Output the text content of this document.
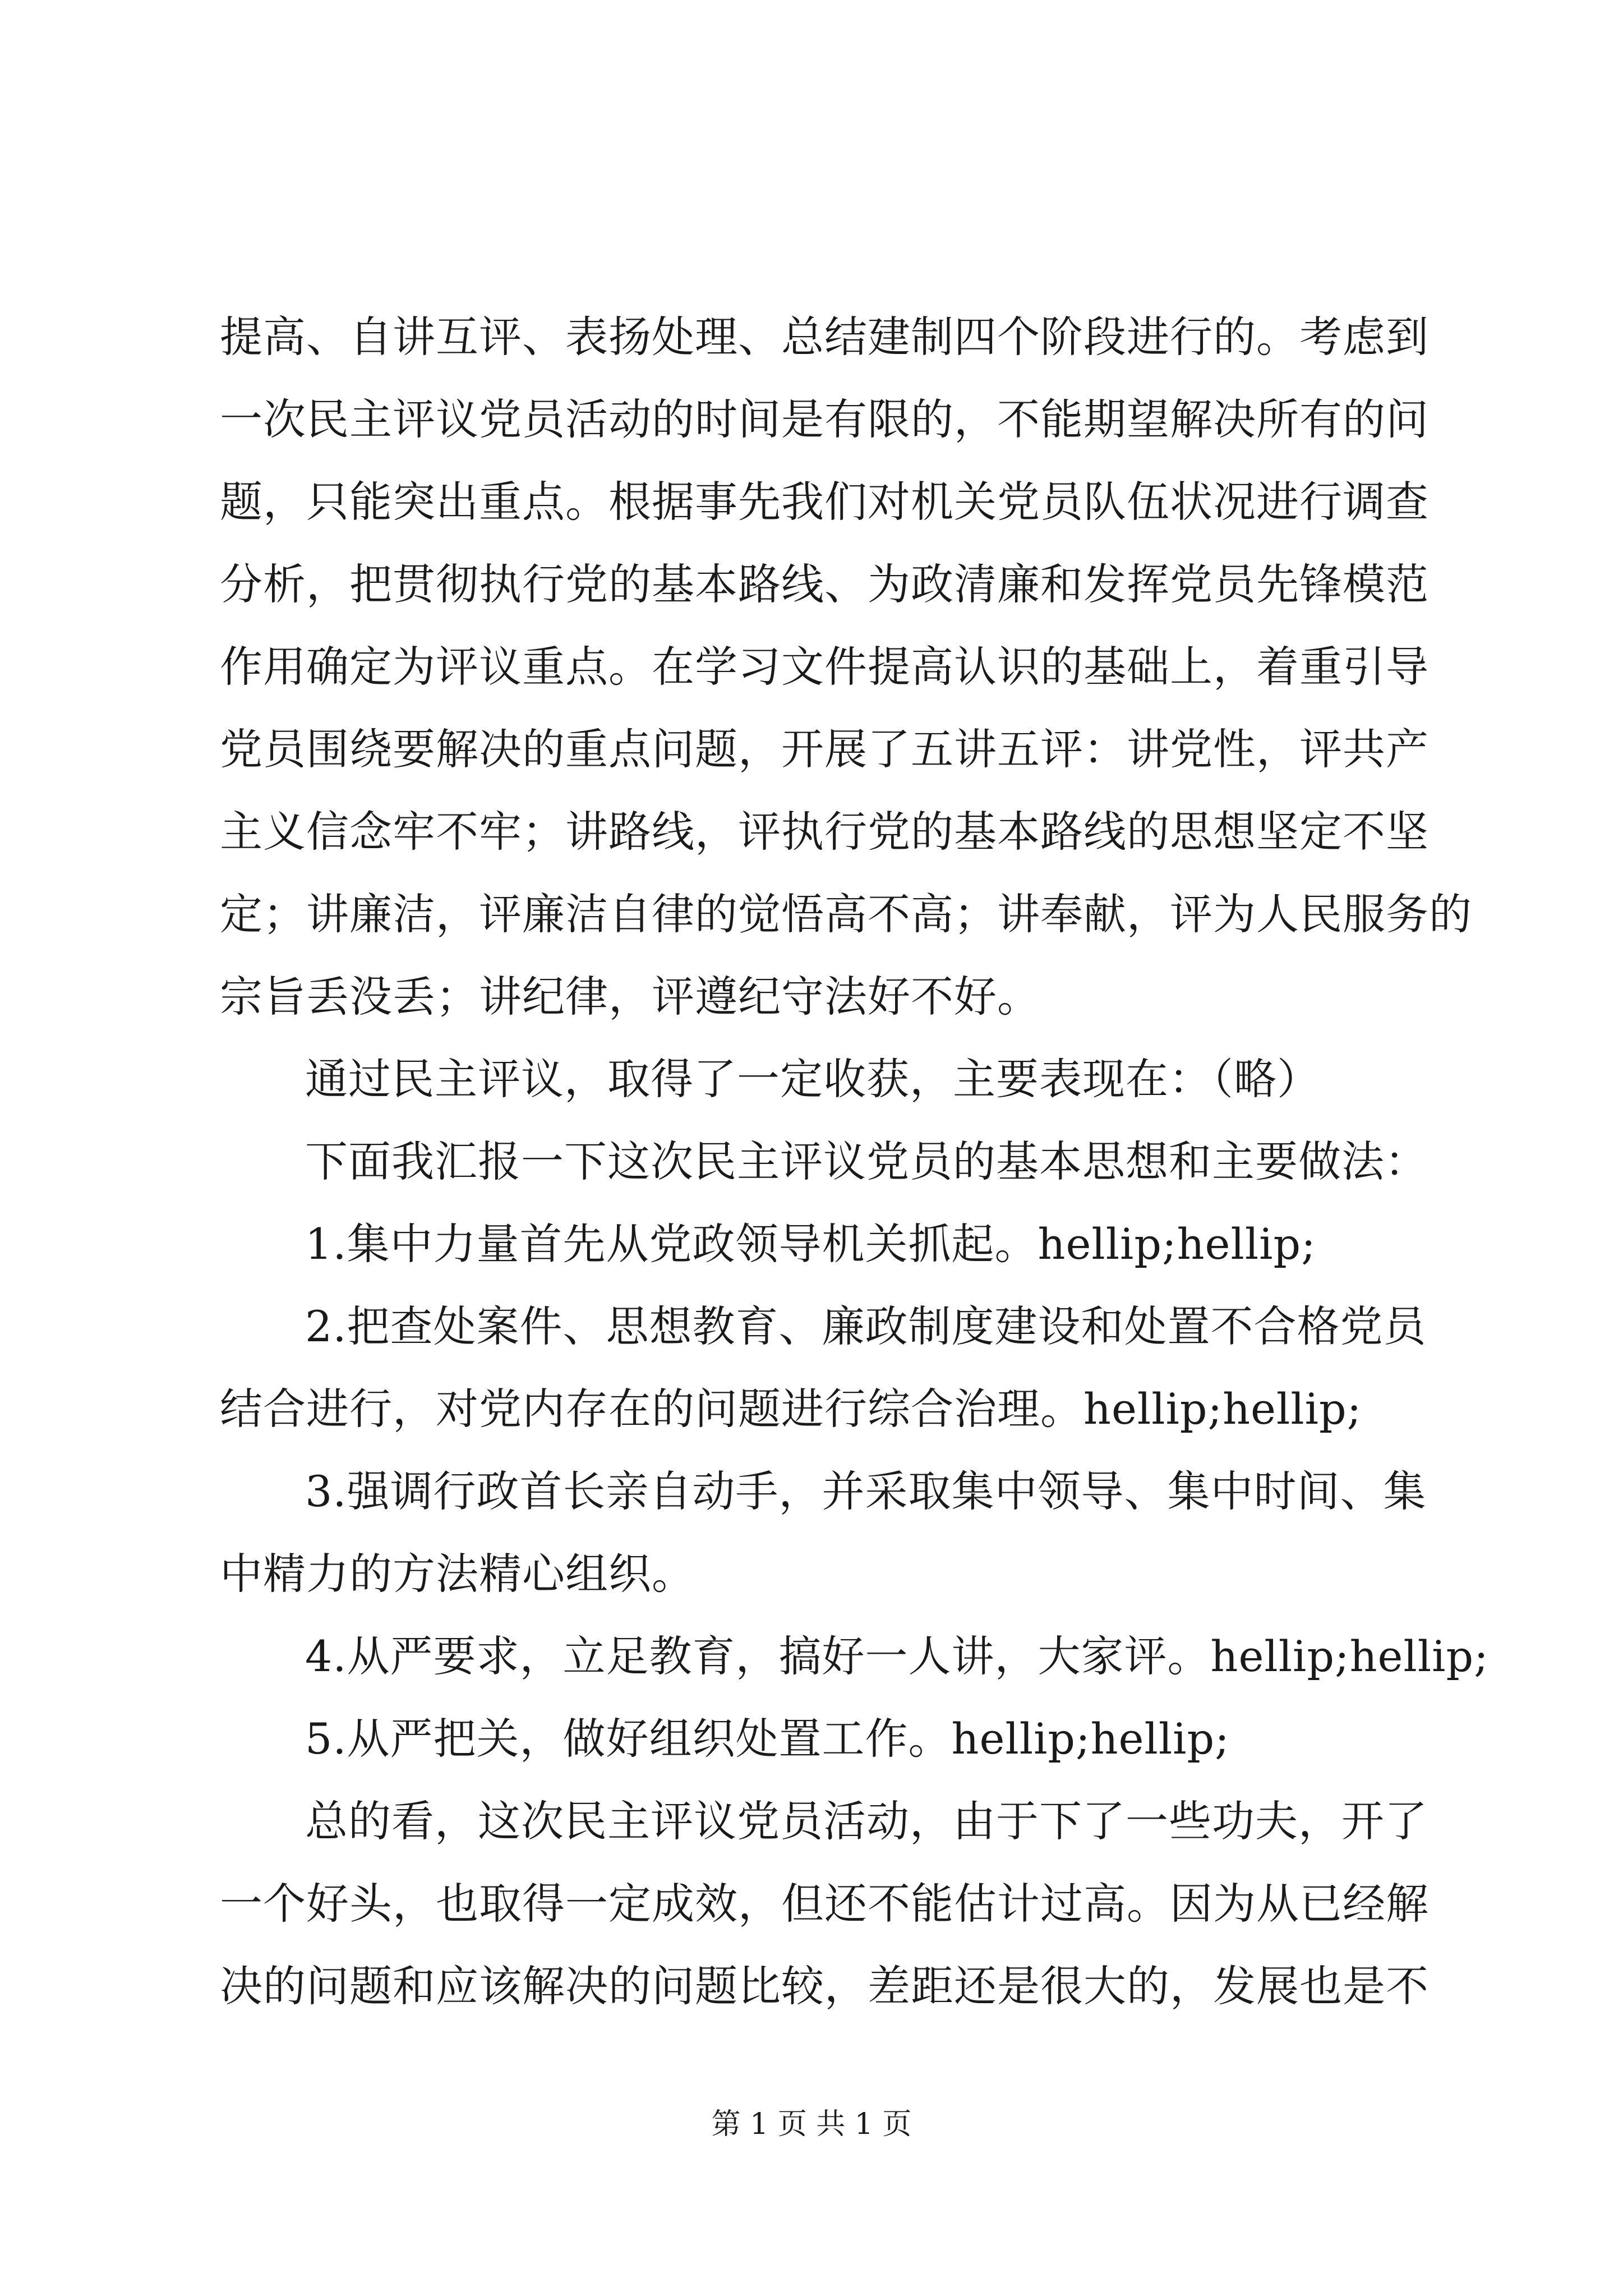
提高、自讲互评、表扬处理、总结建制四个阶段进行的。考虑到
一次民主评议党员活动的时间是有限的，不能期望解决所有的问
题，只能突出重点。根据事先我们对机关党员队伍状况进行调查
分析，把贯彻执行党的基本路线、为政清廉和发挥党员先锋模范
作用确定为评议重点。在学习文件提高认识的基础上，着重引导
党员围绕要解决的重点问题，开展了五讲五评：讲党性，评共产
主义信念牢不牢；讲路线，评执行党的基本路线的思想坚定不坚
定；讲廉洁，评廉洁自律的觉悟高不高；讲奉献，评为人民服务的
宗旨丢没丢；讲纪律，评遵纪守法好不好。

通过民主评议，取得了一定收获，主要表现在：（略）

下面我汇报一下这次民主评议党员的基本思想和主要做法：

1.集中力量首先从党政领导机关抓起。hellip;hellip;

2.把查处案件、思想教育、廉政制度建设和处置不合格党员
结合进行，对党内存在的问题进行综合治理。hellip;hellip;

3.强调行政首长亲自动手，并采取集中领导、集中时间、集
中精力的方法精心组织。

4.从严要求，立足教育，搞好一人讲，大家评。hellip;hellip;

5.从严把关，做好组织处置工作。hellip;hellip;

总的看，这次民主评议党员活动，由于下了一些功夫，开了
一个好头，也取得一定成效，但还不能估计过高。因为从已经解
决的问题和应该解决的问题比较，差距还是很大的，发展也是不

第 1 页 共 1 页
